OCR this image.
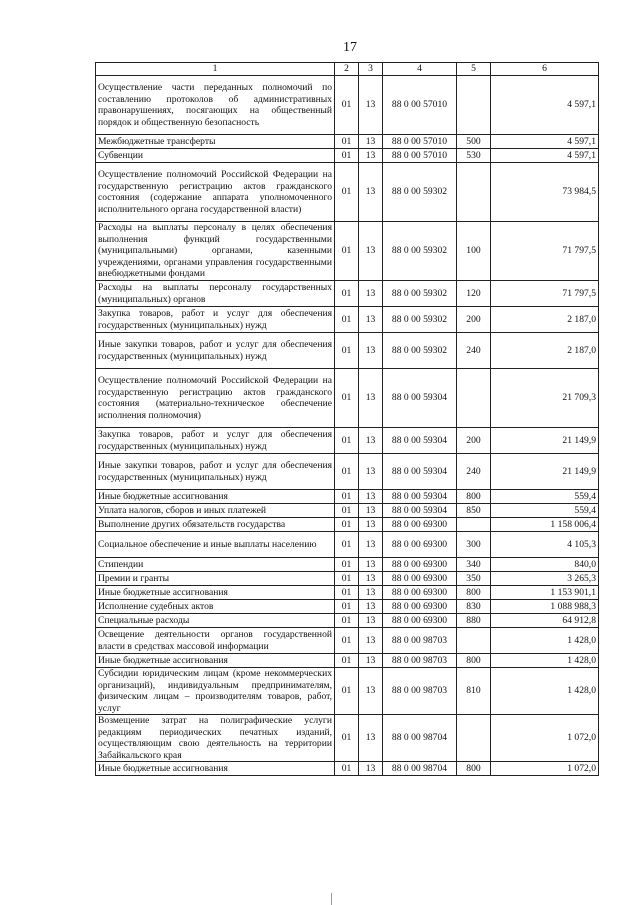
17
1	2	3	4	5	6
Осуществление части переданных полномочий по составлению протоколов об административных правонарушениях, посягающих на общественный порядок и общественную безопасность	01	13	88 0 00 57010		4 597,1
Межбюджетные трансферты	01	13	88 0 00 57010	500	4 597,1
Субвенции	01	13	88 0 00 57010	530	4 597,1
Осуществление полномочий Российской Федерации на государственную регистрацию актов гражданского состояния (содержание аппарата уполномоченного исполнительного органа государственной власти)	01	13	88 0 00 59302		73 984,5
Расходы на выплаты персоналу в целях обеспечения выполнения функций государственными (муниципальными) органами, казенными учреждениями, органами управления государственными внебюджетными фондами	01	13	88 0 00 59302	100	71 797,5
Расходы на выплаты персоналу государственных (муниципальных) органов	01	13	88 0 00 59302	120	71 797,5
Закупка товаров, работ и услуг для обеспечения государственных (муниципальных) нужд	01	13	88 0 00 59302	200	2 187,0
Иные закупки товаров, работ и услуг для обеспечения государственных (муниципальных) нужд	01	13	88 0 00 59302	240	2 187,0
Осуществление полномочий Российской Федерации на государственную регистрацию актов гражданского состояния (материально-техническое обеспечение исполнения полномочия)	01	13	88 0 00 59304		21 709,3
Закупка товаров, работ и услуг для обеспечения государственных (муниципальных) нужд	01	13	88 0 00 59304	200	21 149,9
Иные закупки товаров, работ и услуг для обеспечения государственных (муниципальных) нужд	01	13	88 0 00 59304	240	21 149,9
Иные бюджетные ассигнования	01	13	88 0 00 59304	800	559,4
Уплата налогов, сборов и иных платежей	01	13	88 0 00 59304	850	559,4
Выполнение других обязательств государства	01	13	88 0 00 69300		1 158 006,4
Социальное обеспечение и иные выплаты населению	01	13	88 0 00 69300	300	4 105,3
Стипендии	01	13	88 0 00 69300	340	840,0
Премии и гранты	01	13	88 0 00 69300	350	3 265,3
Иные бюджетные ассигнования	01	13	88 0 00 69300	800	1 153 901,1
Исполнение судебных актов	01	13	88 0 00 69300	830	1 088 988,3
Специальные расходы	01	13	88 0 00 69300	880	64 912,8
Освещение деятельности органов государственной власти в средствах массовой информации	01	13	88 0 00 98703		1 428,0
Иные бюджетные ассигнования	01	13	88 0 00 98703	800	1 428,0
Субсидии юридическим лицам (кроме некоммерческих организаций), индивидуальным предпринимателям, физическим лицам – производителям товаров, работ, услуг	01	13	88 0 00 98703	810	1 428,0
Возмещение затрат на полиграфические услуги редакциям периодических печатных изданий, осуществляющим свою деятельность на территории Забайкальского края	01	13	88 0 00 98704		1 072,0
Иные бюджетные ассигнования	01	13	88 0 00 98704	800	1 072,0
